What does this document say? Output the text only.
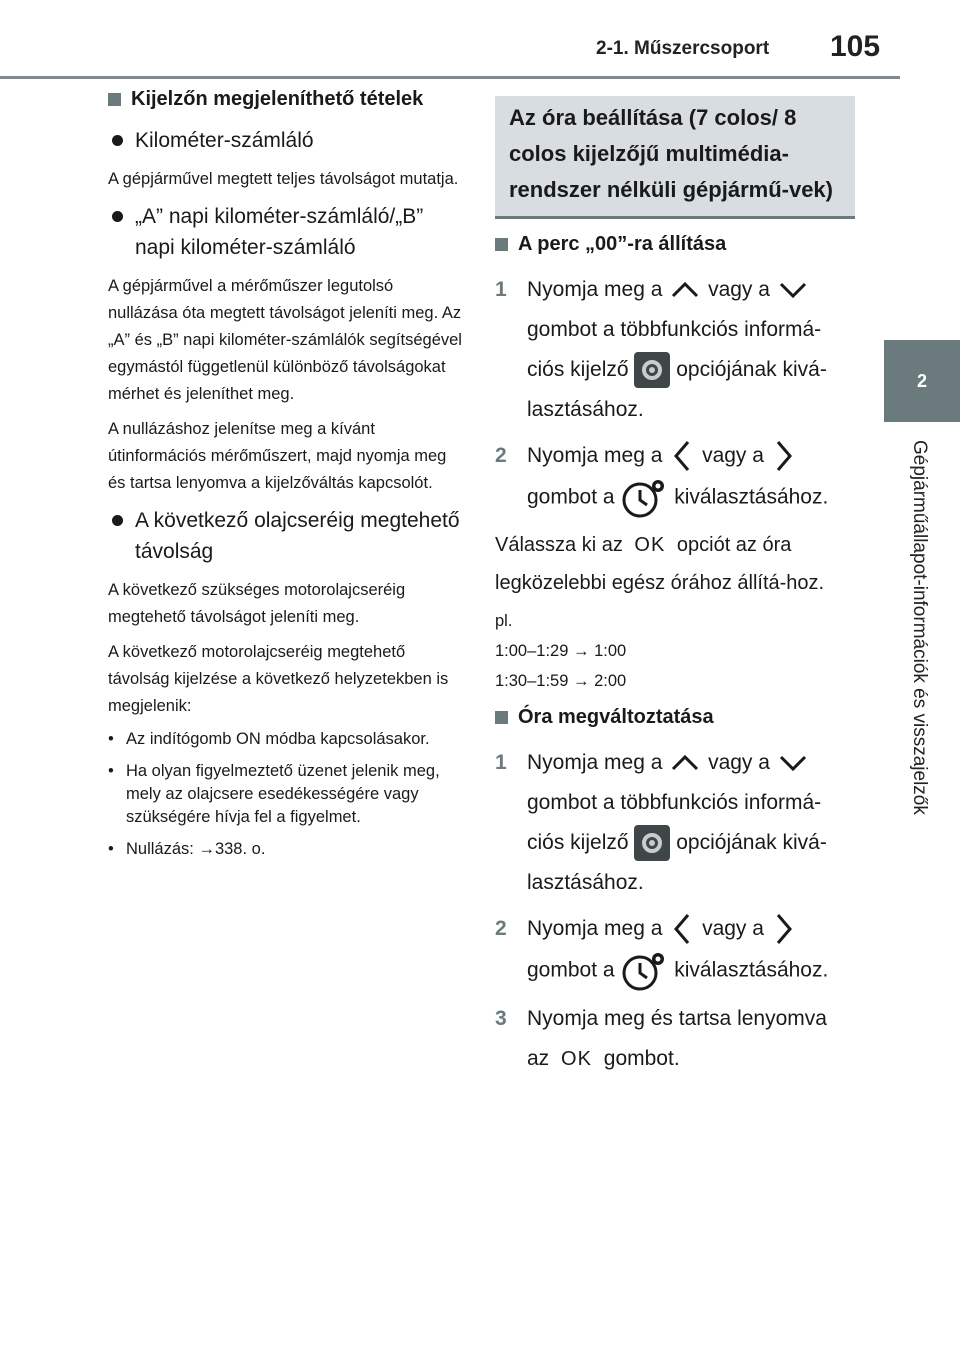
2-1. Műszercsoport 105
2
Gépjárműállapot-információk és visszajelzők
Kijelzőn megjeleníthető tételek
Kilométer-számláló

A gépjárművel megtett teljes távolságot mutatja.

„A” napi kilométer-számláló/„B” napi kilométer-számláló

A gépjárművel a mérőműszer legutolsó nullázása óta megtett távolságot jeleníti meg. Az „A” és „B” napi kilométer-számlálók segítségével egymástól függetlenül különböző távolságokat mérhet és jeleníthet meg.

A nullázáshoz jelenítse meg a kívánt útinformációs mérőműszert, majd nyomja meg és tartsa lenyomva a kijelzőváltás kapcsolót.

A következő olajcseréig megtehető távolság

A következő szükséges motorolajcseréig megtehető távolságot jeleníti meg.

A következő motorolajcseréig megtehető távolság kijelzése a következő helyzetekben is megjelenik:

• Az indítógomb ON módba kapcsolásakor.
• Ha olyan figyelmeztető üzenet jelenik meg, mely az olajcsere esedékességére vagy szükségére hívja fel a figyelmet.
• Nullázás: →338. o.
Az óra beállítása (7 colos/ 8 colos kijelzőjű multimédia-rendszer nélküli gépjármű-vek)
A perc „00”-ra állítása
1 Nyomja meg a vagy a  gombot a többfunkciós informá-ciós kijelző opciójának kivá-lasztásához.
2 Nyomja meg a vagy a
gombot a	kiválasztásához.

Válassza ki az OK opciót az óra
legközelebbi egész órához állítá-hoz.

pl.
1:00–1:29 → 1:00
1:30–1:59 → 2:00
Óra megváltoztatása
1 Nyomja meg a vagy a  gombot a többfunkciós informá-ciós kijelző opciójának kivá-lasztásához.
2 Nyomja meg a vagy a
gombot a	kiválasztásához.
3 Nyomja meg és tartsa lenyomva
az OK gombot.
